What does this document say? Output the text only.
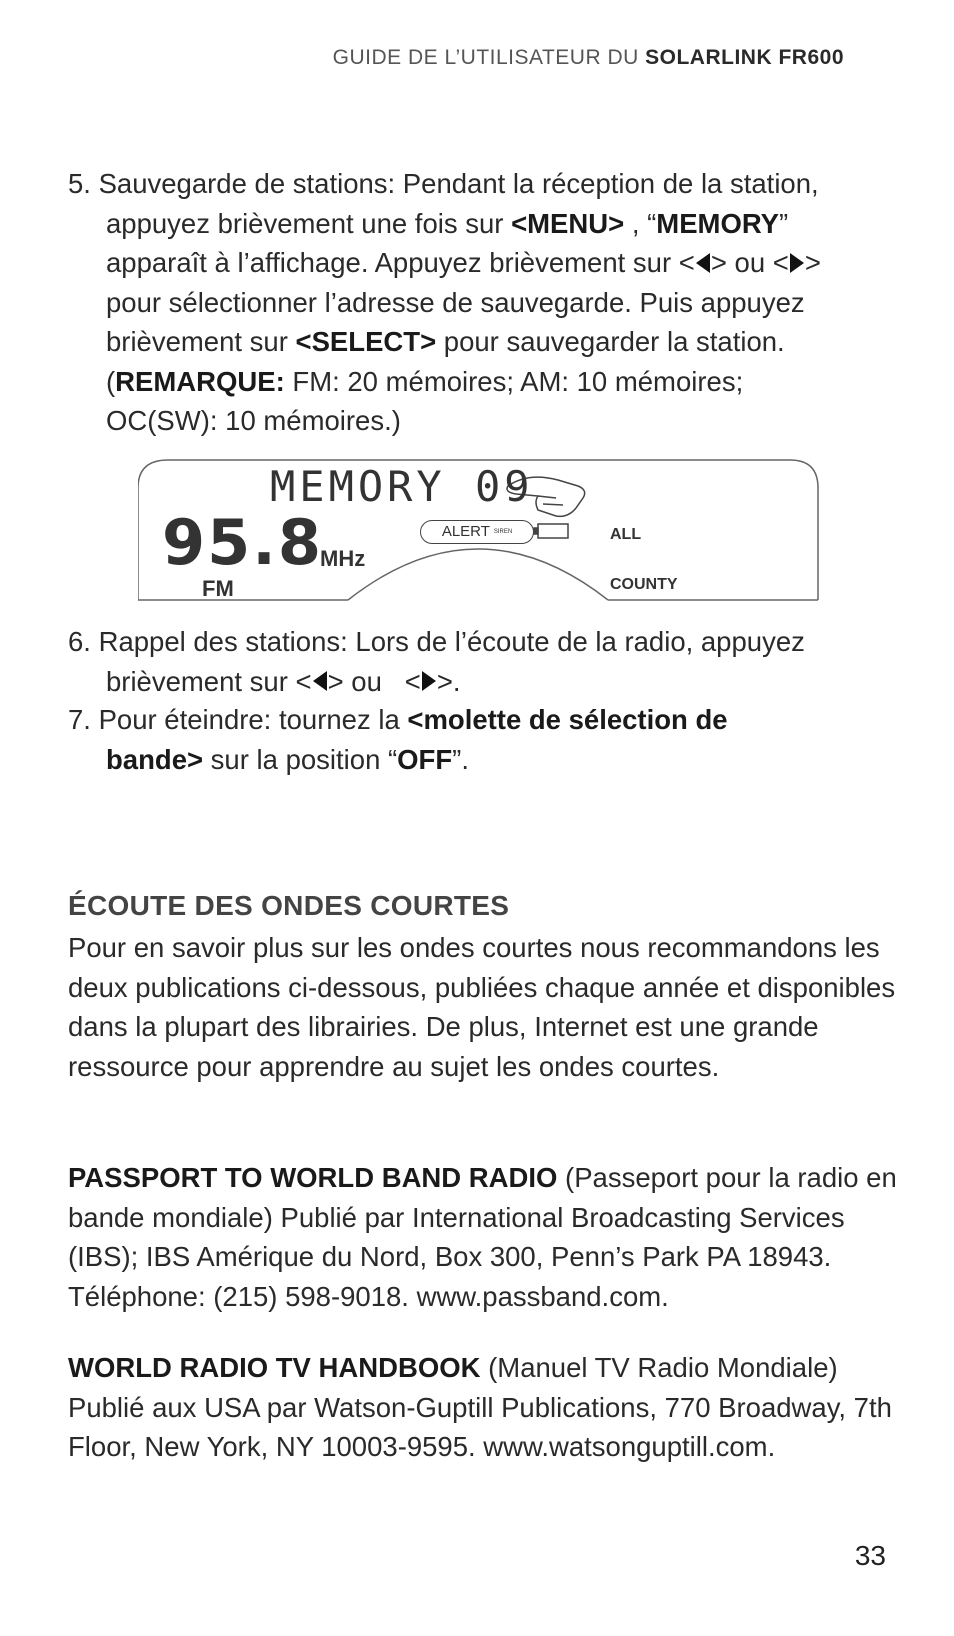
GUIDE DE L’UTILISATEUR DU SOLARLINK FR600
5. Sauvegarde de stations: Pendant la réception de la station,
appuyez brièvement une fois sur <MENU> , “MEMORY”
apparaît à l’affichage. Appuyez brièvement sur < > ou < >
pour sélectionner l’adresse de sauvegarde. Puis appuyez
brièvement sur <SELECT> pour sauvegarder la station.
(REMARQUE: FM: 20 mémoires; AM: 10 mémoires;
OC(SW): 10 mémoires.)
MEMORY 09
95.8
MHz
FM
ALERT SIREN	ALL
COUNTY
6. Rappel des stations: Lors de l’écoute de la radio, appuyez
brièvement sur < > ou   < >.
7. Pour éteindre: tournez la <molette de sélection de
bande> sur la position “OFF”.
ÉCOUTE DES ONDES COURTES

Pour en savoir plus sur les ondes courtes nous recommandons les deux publications ci-dessous, publiées chaque année et disponibles dans la plupart des librairies. De plus, Internet est une grande ressource pour apprendre au sujet les ondes courtes.

PASSPORT TO WORLD BAND RADIO (Passeport pour la radio en bande mondiale) Publié par International Broadcasting Services (IBS); IBS Amérique du Nord, Box 300, Penn’s Park PA 18943. Téléphone: (215) 598-9018. www.passband.com.

WORLD RADIO TV HANDBOOK (Manuel TV Radio Mondiale) Publié aux USA par Watson-Guptill Publications, 770 Broadway, 7th Floor, New York, NY 10003-9595. www.watsonguptill.com.

33
